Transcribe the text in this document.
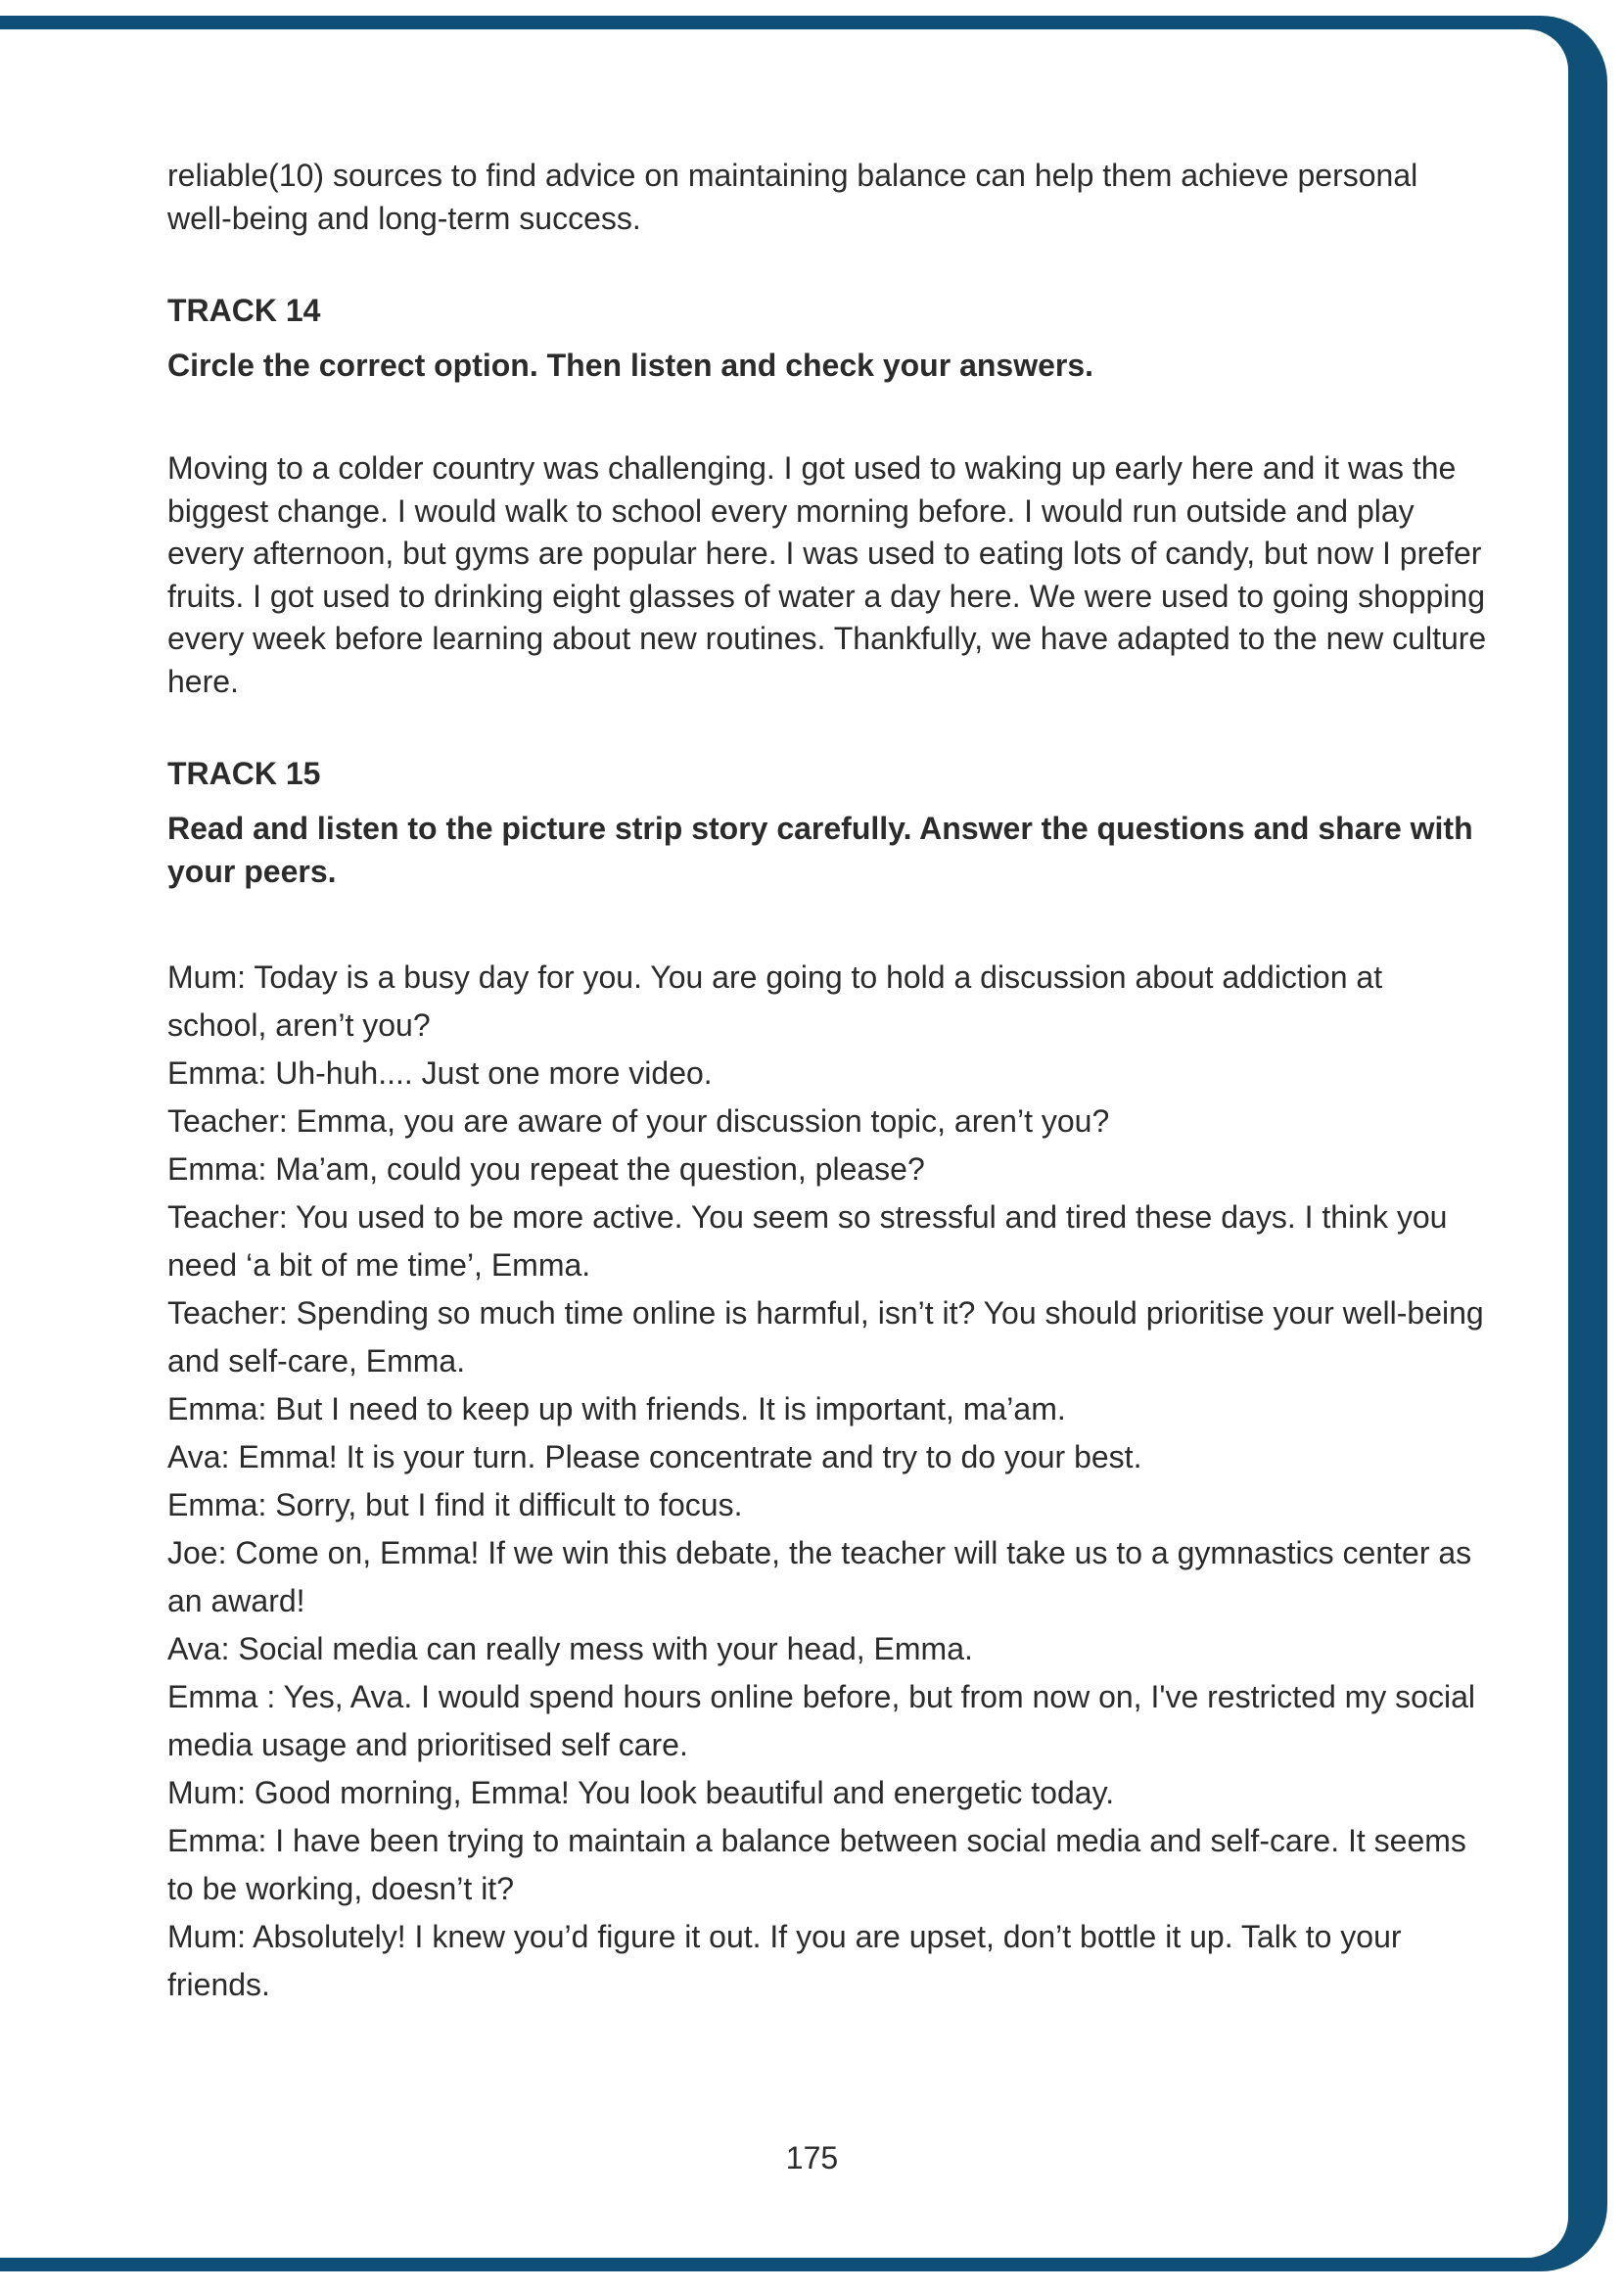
reliable(10) sources to find advice on maintaining balance can help them achieve personal well-being and long-term success.

TRACK 14

Circle the correct option. Then listen and check your answers.

Moving to a colder country was challenging. I got used to waking up early here and it was the biggest change. I would walk to school every morning before. I would run outside and play every afternoon, but gyms are popular here. I was used to eating lots of candy, but now I prefer fruits. I got used to drinking eight glasses of water a day here. We were used to going shopping every week before learning about new routines. Thankfully, we have adapted to the new culture here.

TRACK 15

Read and listen to the picture strip story carefully. Answer the questions and share with your peers.

Mum: Today is a busy day for you. You are going to hold a discussion about addiction at school, aren’t you?

Emma: Uh-huh.... Just one more video.

Teacher: Emma, you are aware of your discussion topic, aren’t you?

Emma: Ma’am, could you repeat the question, please?

Teacher: You used to be more active. You seem so stressful and tired these days. I think you need ‘a bit of me time’, Emma.

Teacher: Spending so much time online is harmful, isn’t it? You should prioritise your well-being and self-care, Emma.

Emma: But I need to keep up with friends. It is important, ma’am.

Ava: Emma! It is your turn. Please concentrate and try to do your best.

Emma: Sorry, but I find it difficult to focus.

Joe: Come on, Emma! If we win this debate, the teacher will take us to a gymnastics center as an award!

Ava: Social media can really mess with your head, Emma.

Emma : Yes, Ava. I would spend hours online before, but from now on, I've restricted my social media usage and prioritised self care.

Mum: Good morning, Emma! You look beautiful and energetic today.

Emma: I have been trying to maintain a balance between social media and self-care. It seems to be working, doesn’t it?

Mum: Absolutely! I knew you’d figure it out. If you are upset, don’t bottle it up. Talk to your friends.

175
